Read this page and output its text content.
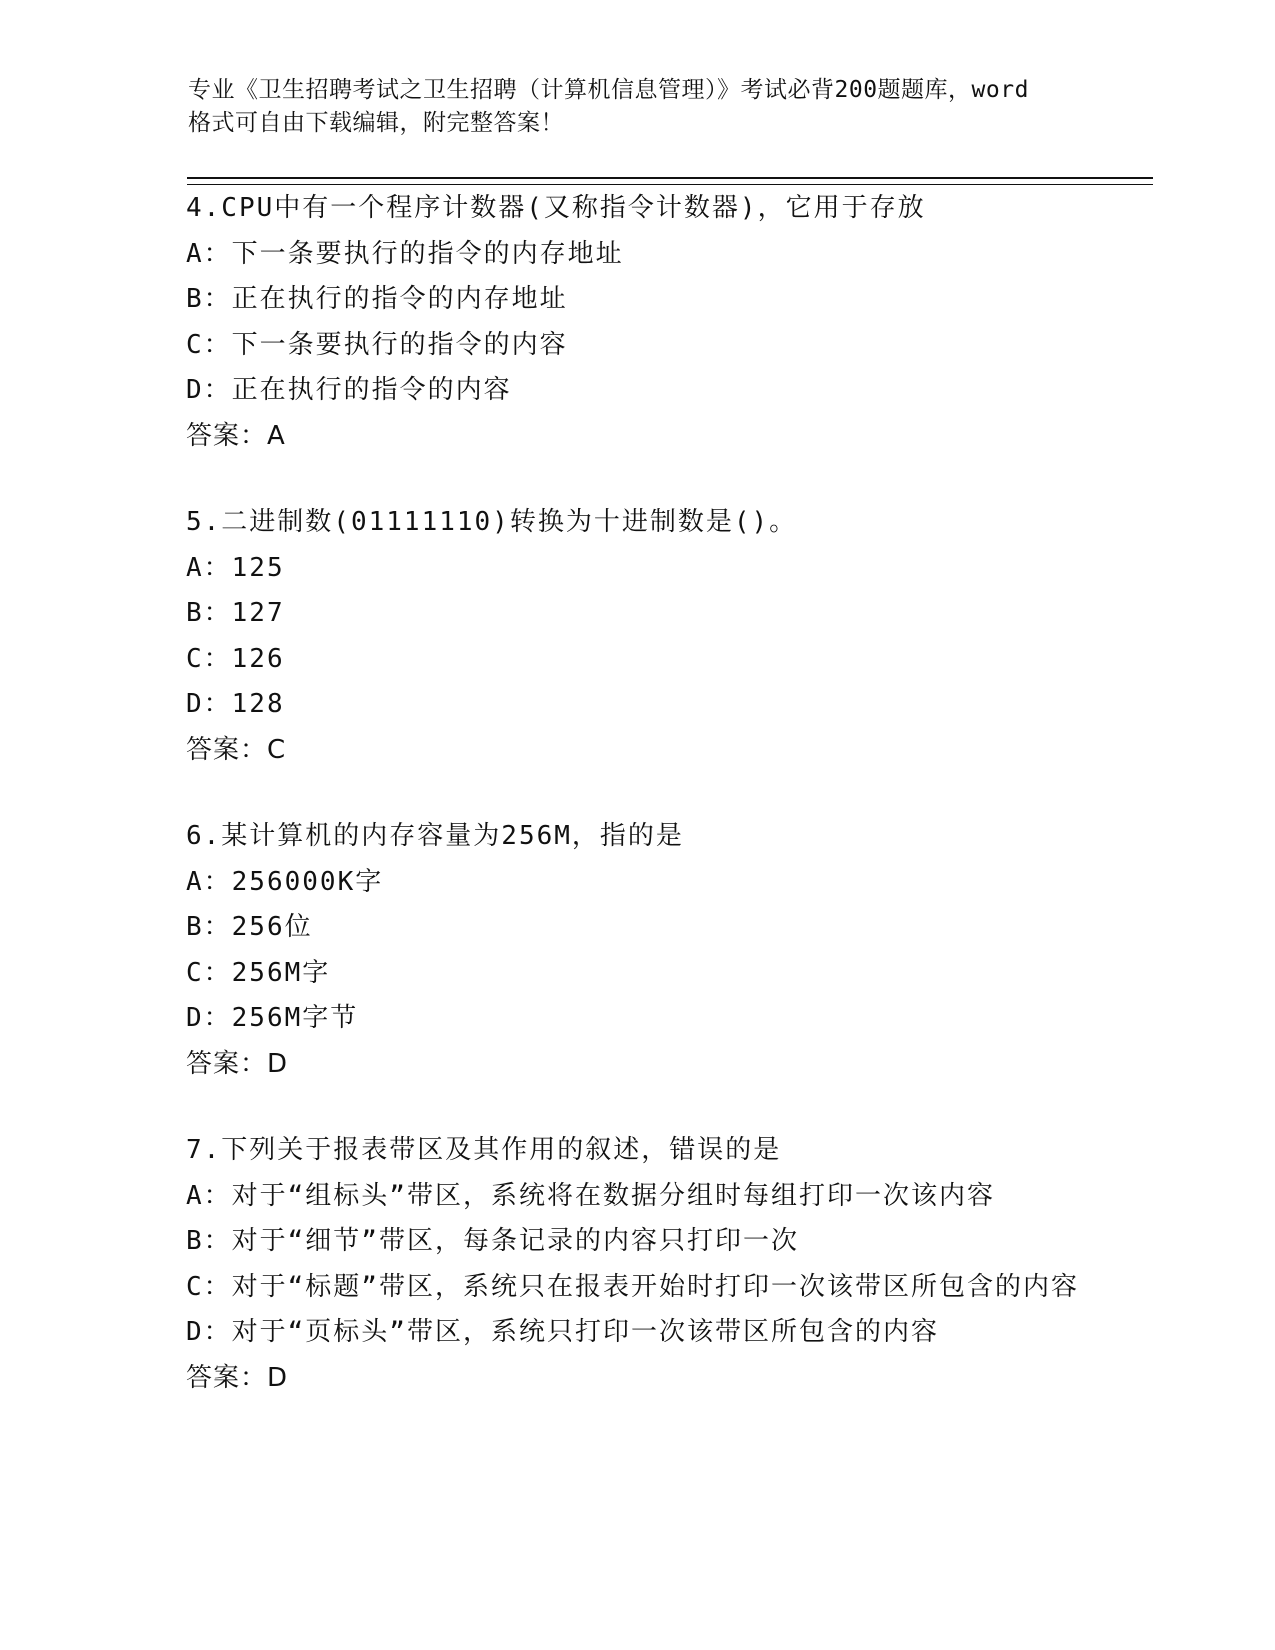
专业《卫生招聘考试之卫生招聘（计算机信息管理）》考试必背200题题库，word
格式可自由下载编辑，附完整答案！
4.CPU中有一个程序计数器(又称指令计数器)，它用于存放
A：下一条要执行的指令的内存地址
B：正在执行的指令的内存地址
C：下一条要执行的指令的内容
D：正在执行的指令的内容
答案：A
5.二进制数(01111110)转换为十进制数是()。
A：125
B：127
C：126
D：128
答案：C
6.某计算机的内存容量为256M，指的是
A：256000K字
B：256位
C：256M字
D：256M字节
答案：D
7.下列关于报表带区及其作用的叙述，错误的是
A：对于“组标头”带区，系统将在数据分组时每组打印一次该内容
B：对于“细节”带区，每条记录的内容只打印一次
C：对于“标题”带区，系统只在报表开始时打印一次该带区所包含的内容
D：对于“页标头”带区，系统只打印一次该带区所包含的内容
答案：D
